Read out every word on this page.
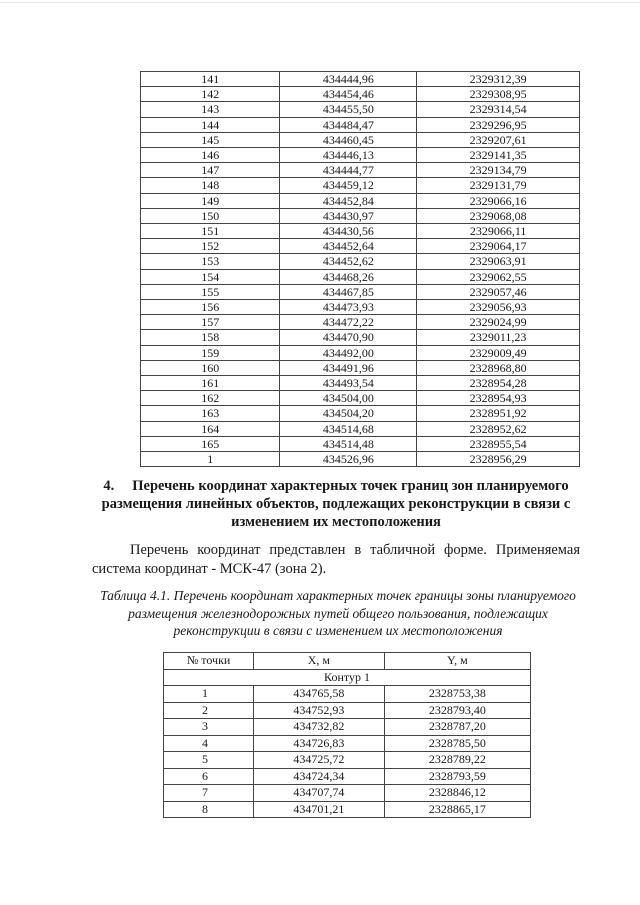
141	434444,96	2329312,39
142	434454,46	2329308,95
143	434455,50	2329314,54
144	434484,47	2329296,95
145	434460,45	2329207,61
146	434446,13	2329141,35
147	434444,77	2329134,79
148	434459,12	2329131,79
149	434452,84	2329066,16
150	434430,97	2329068,08
151	434430,56	2329066,11
152	434452,64	2329064,17
153	434452,62	2329063,91
154	434468,26	2329062,55
155	434467,85	2329057,46
156	434473,93	2329056,93
157	434472,22	2329024,99
158	434470,90	2329011,23
159	434492,00	2329009,49
160	434491,96	2328968,80
161	434493,54	2328954,28
162	434504,00	2328954,93
163	434504,20	2328951,92
164	434514,68	2328952,62
165	434514,48	2328955,54
1	434526,96	2328956,29
4. Перечень координат характерных точек границ зон планируемого размещения линейных объектов, подлежащих реконструкции в связи с изменением их местоположения
Перечень координат представлен в табличной форме. Применяемая система координат - МСК-47 (зона 2).
Таблица 4.1. Перечень координат характерных точек границы зоны планируемого размещения железнодорожных путей общего пользования, подлежащих реконструкции в связи с изменением их местоположения
№ точки	X, м	Y, м
Контур 1		
1	434765,58	2328753,38
2	434752,93	2328793,40
3	434732,82	2328787,20
4	434726,83	2328785,50
5	434725,72	2328789,22
6	434724,34	2328793,59
7	434707,74	2328846,12
8	434701,21	2328865,17
